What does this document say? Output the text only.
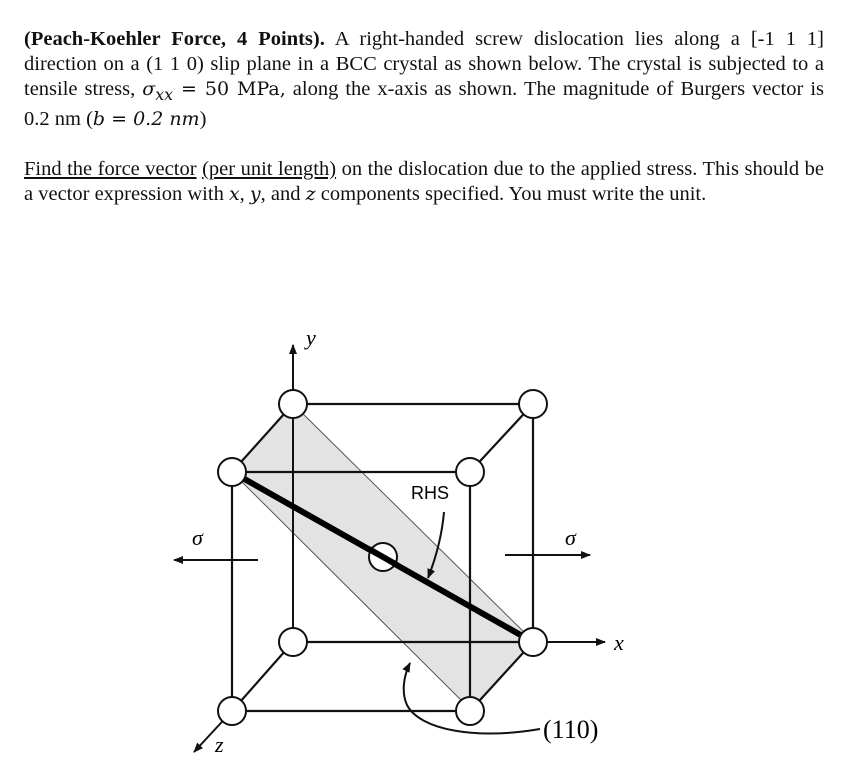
(Peach-Koehler Force, 4 Points). A right-handed screw dislocation lies along a [-1 1 1] direction on a (1 1 0) slip plane in a BCC crystal as shown below. The crystal is subjected to a tensile stress, $\sigma_{xx} = 50$ MPa, along the x-axis as shown. The magnitude of Burgers vector is 0.2 nm (b = 0.2 nm)

Find the force vector (per unit length) on the dislocation due to the applied stress. This should be a vector expression with x, y, and z components specified. You must write the unit.

y
x
z
σ	σ
RHS
(110)
